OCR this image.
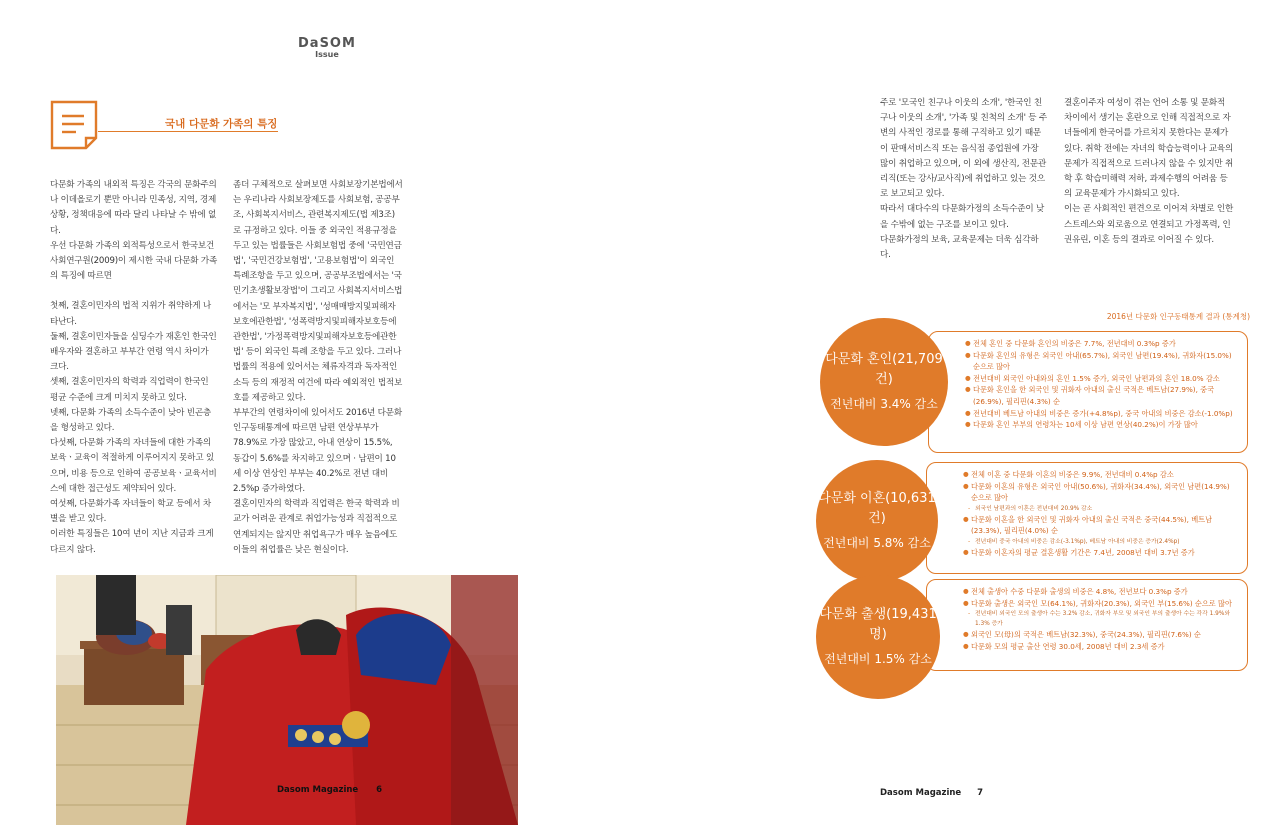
DaSOM
Issue
국내 다문화 가족의 특징

다문화 가족의 내외적 특징은 각국의 문화주의나 이데올로기 뿐만 아니라 민족성, 지역, 경제상황, 정책대응에 따라 달리 나타날 수 밖에 없다.

우선 다문화 가족의 외적특성으로서 한국보건사회연구원(2009)이 제시한 국내 다문화 가족의 특징에 따르면

첫째, 결혼이민자의 법적 지위가 취약하게 나타난다.

둘째, 결혼이민자들을 심딩수가 재혼인 한국인 배우자와 결혼하고 부부간 연령 역시 차이가 크다.

셋째, 결혼이민자의 학력과 직업력이 한국인 평균 수준에 크게 미치지 못하고 있다.

넷째, 다문화 가족의 소득수준이 낮아 빈곤층을 형성하고 있다.

다섯째, 다문화 가족의 자녀들에 대한 가족의 보육ㆍ교육이 적절하게 이루어지지 못하고 있으며, 비용 등으로 인하여 공공보육ㆍ교육서비스에 대한 접근성도 제약되어 있다.

여섯째, 다문화가족 자녀들이 학교 등에서 차별을 받고 있다.

이러한 특징들은 10여 년이 지난 지금과 크게 다르지 않다.

좀더 구체적으로 살펴보면 사회보장기본법에서는 우리나라 사회보장제도를 사회보험, 공공부조, 사회복지서비스, 관련복지제도(법 제3조)로 규정하고 있다. 이들 중 외국인 적용규정을 두고 있는 법률들은 사회보험법 중에 '국민연금법', '국민건강보험법', '고용보험법'이 외국인 특례조항을 두고 있으며, 공공부조법에서는 '국민기초생활보장법'이 그리고 사회복지서비스법에서는 '모 부자복지법', '성매매방지및피해자보호에관한법', '성폭력방지및피해자보호등에관한법', '가정폭력방지및피해자보호등에관한법' 등이 외국인 특례 조항을 두고 있다. 그러나 법률의 적용에 있어서는 체류자격과 독자적인 소득 등의 재정적 여건에 따라 예외적인 법적보호를 제공하고 있다.

부부간의 연령차이에 있어서도 2016년 다문화 인구동태통계에 따르면 남편 연상부부가 78.9%로 가장 많았고, 아내 연상이 15.5%, 동갑이 5.6%를 차지하고 있으며 · 남편이 10세 이상 연상인 부부는 40.2%로 전년 대비 2.5%p 증가하였다.

결혼이민자의 학력과 직업력은 한국 학력과 비교가 어려운 관계로 취업가능성과 직접적으로 연계되지는 않지만 취업욕구가 매우 높음에도 이들의 취업률은 낮은 현실이다.

Dasom Magazine 6

주로 '모국인 친구나 이웃의 소개', '한국인 친구나 이웃의 소개', '가족 및 친척의 소개' 등 주변의 사적인 경로를 통해 구직하고 있기 때문이 판매서비스직 또는 음식점 종업원에 가장 많이 취업하고 있으며, 이 외에 생산직, 전문관리직(또는 강사/교사직)에 취업하고 있는 것으로 보고되고 있다.

따라서 대다수의 다문화가정의 소득수준이 낮을 수밖에 없는 구조를 보이고 있다.

다문화가정의 보육, 교육문제는 더욱 심각하다.

결혼이주자 여성이 겪는 언어 소통 및 문화적 차이에서 생기는 혼란으로 인해 직접적으로 자녀들에게 한국어를 가르치지 못한다는 문제가 있다. 취학 전에는 자녀의 학습능력이나 교육의 문제가 직접적으로 드러나지 않을 수 있지만 취학 후 학습미해력 저하, 과제수행의 어려움 등의 교육문제가 가시화되고 있다.

이는 곧 사회적인 편견으로 이어져 차별로 인한 스트레스와 외로움으로 연결되고 가정폭력, 인권유린, 이혼 등의 결과로 이어질 수 있다.

2016년 다문화 인구동태통계 결과 (통계청)
● 전체 혼인 중 다문화 혼인의 비중은 7.7%, 전년대비 0.3%p 증가
● 다문화 혼인의 유형은 외국인 아내(65.7%), 외국인 남편(19.4%), 귀화자(15.0%) 순으로 많아
● 전년대비 외국인 아내와의 혼인 1.5% 증가, 외국인 남편과의 혼인 18.0% 감소
● 다문화 혼인을 한 외국인 및 귀화자 아내의 출신 국적은 베트남(27.9%), 중국(26.9%), 필리핀(4.3%) 순
● 전년대비 베트남 아내의 비중은 증가(+4.8%p), 중국 아내의 비중은 감소(-1.0%p)
● 다문화 혼인 부부의 연령차는 10세 이상 남편 연상(40.2%)이 가장 많아
다문화 혼인(21,709건)
전년대비 3.4% 감소
● 전체 이혼 중 다문화 이혼의 비중은 9.9%, 전년대비 0.4%p 감소
● 다문화 이혼의 유형은 외국인 아내(50.6%), 귀화자(34.4%), 외국인 남편(14.9%) 순으로 많아
- 외국인 남편과의 이혼은 전년대비 20.9% 감소
● 다문화 이혼을 한 외국인 및 귀화자 아내의 출신 국적은 중국(44.5%), 베트남(23.3%), 필리핀(4.0%) 순
- 전년대비 중국 아내의 비중은 감소(-3.1%p), 베트남 아내의 비중은 증가(2.4%p)
● 다문화 이혼자의 평균 결혼생활 기간은 7.4년, 2008년 대비 3.7년 증가
다문화 이혼(10,631건)
전년대비 5.8% 감소
● 전체 출생아 수중 다문화 출생의 비중은 4.8%, 전년보다 0.3%p 증가
● 다문화 출생은 외국인 모(64.1%), 귀화자(20.3%), 외국인 부(15.6%) 순으로 많아
- 전년대비 외국인 모의 출생아 수는 3.2% 감소, 귀화자 부모 및 외국인 부의 출생아 수는 각각 1.9%와 1.3% 증가
● 외국인 모(母)의 국적은 베트남(32.3%), 중국(24.3%), 필리핀(7.6%) 순
● 다문화 모의 평균 출산 연령 30.0세, 2008년 대비 2.3세 증가
다문화 출생(19,431명)
전년대비 1.5% 감소
Dasom Magazine 7
